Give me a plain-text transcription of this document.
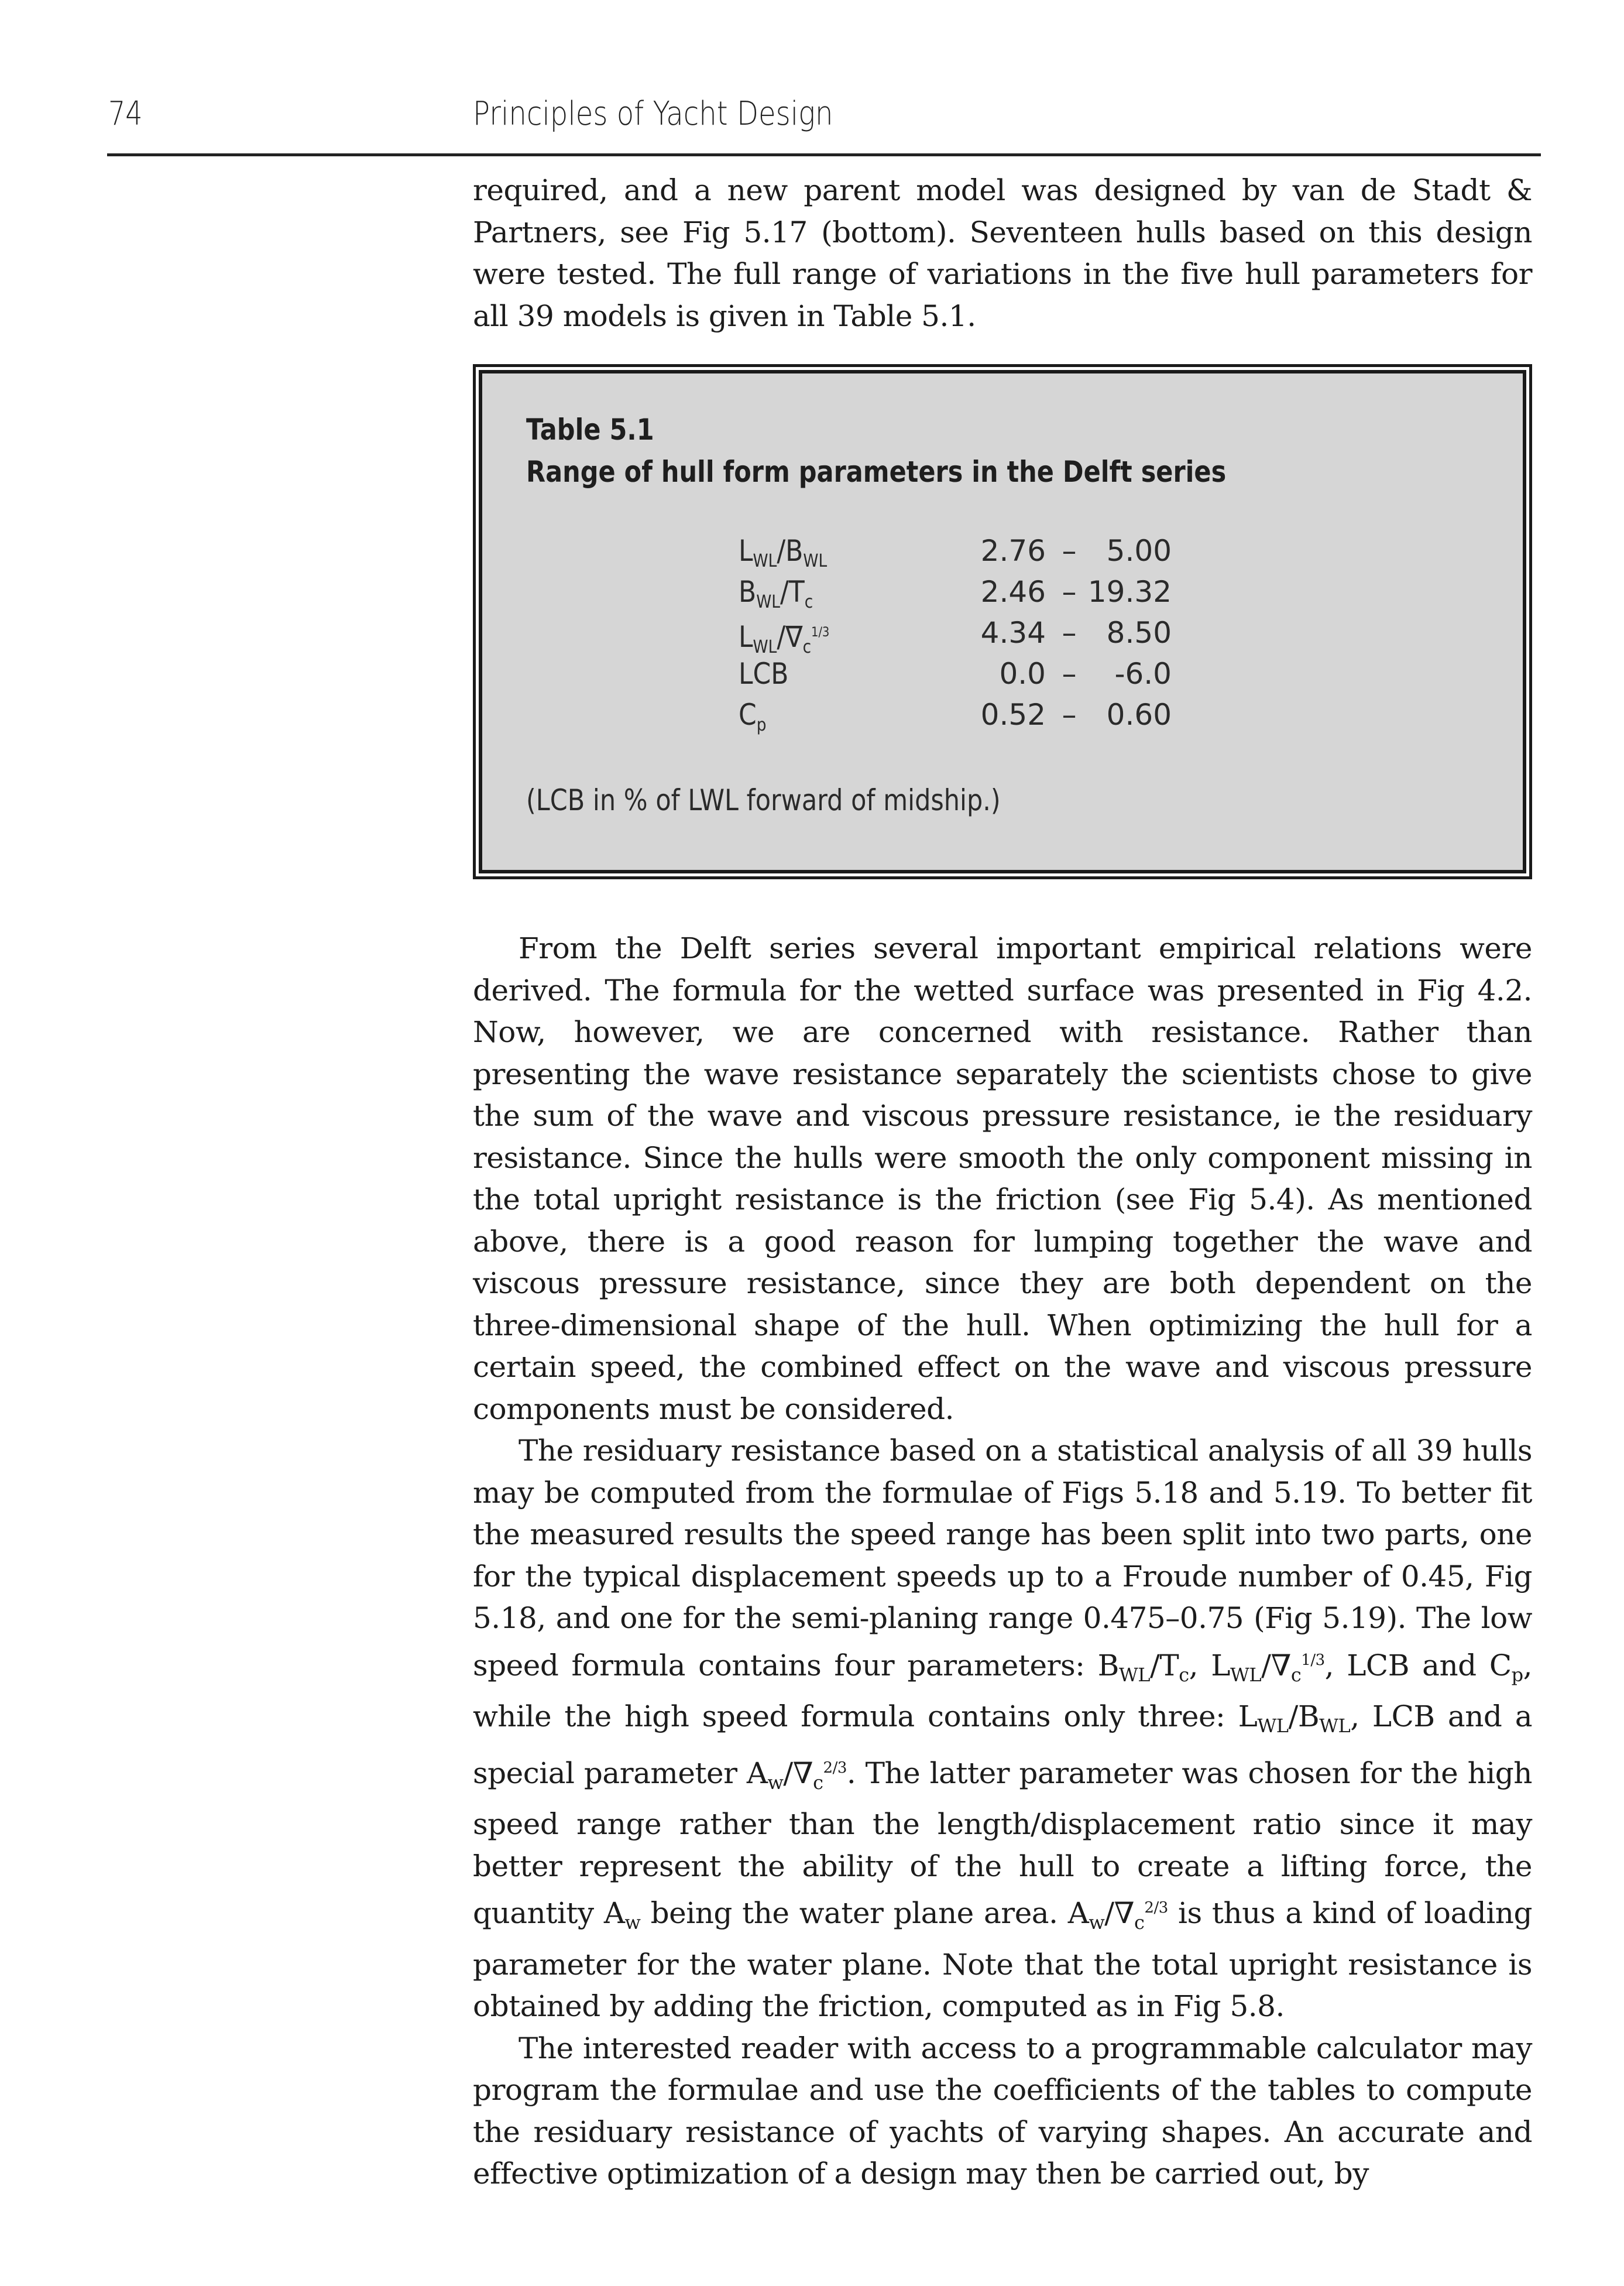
74	Principles of Yacht Design

required, and a new parent model was designed by van de Stadt & Partners, see Fig 5.17 (bottom). Seventeen hulls based on this design were tested. The full range of variations in the five hull parameters for all 39 models is given in Table 5.1.

Table 5.1
Range of hull form parameters in the Delft series
$L_{WL}/B_{WL}$	2.76 –	5.00
$B_{WL}/T_c$	2.46 – 19.32
$L_{WL}/\nabla_c^{1/3}$	4.34 –	8.50
LCB	0.0 –	-6.0
$C_p$	0.52 –	0.60
(LCB in % of LWL forward of midship.)

From the Delft series several important empirical relations were derived. The formula for the wetted surface was presented in Fig 4.2. Now, however, we are concerned with resistance. Rather than presenting the wave resistance separately the scientists chose to give the sum of the wave and viscous pressure resistance, ie the residuary resistance. Since the hulls were smooth the only component missing in the total upright resistance is the friction (see Fig 5.4). As mentioned above, there is a good reason for lumping together the wave and viscous pressure resistance, since they are both dependent on the three-dimensional shape of the hull. When optimizing the hull for a certain speed, the combined effect on the wave and viscous pressure components must be considered.

The residuary resistance based on a statistical analysis of all 39 hulls may be computed from the formulae of Figs 5.18 and 5.19. To better fit the measured results the speed range has been split into two parts, one for the typical displacement speeds up to a Froude number of 0.45, Fig 5.18, and one for the semi-planing range 0.475–0.75 (Fig 5.19). The low speed formula contains four parameters: $B_{WL}/T_c$, $L_{WL}/\nabla_c^{1/3}$, LCB and $C_p$, while the high speed formula contains only three: $L_{WL}/B_{WL}$, LCB and a special parameter $A_w/\nabla_c^{2/3}$. The latter parameter was chosen for the high speed range rather than the length/displacement ratio since it may better represent the ability of the hull to create a lifting force, the quantity $A_w$ being the water plane area. $A_w/\nabla_c^{2/3}$ is thus a kind of loading parameter for the water plane. Note that the total upright resistance is obtained by adding the friction, computed as in Fig 5.8.

The interested reader with access to a programmable calculator may program the formulae and use the coefficients of the tables to compute the residuary resistance of yachts of varying shapes. An accurate and effective optimization of a design may then be carried out, by
